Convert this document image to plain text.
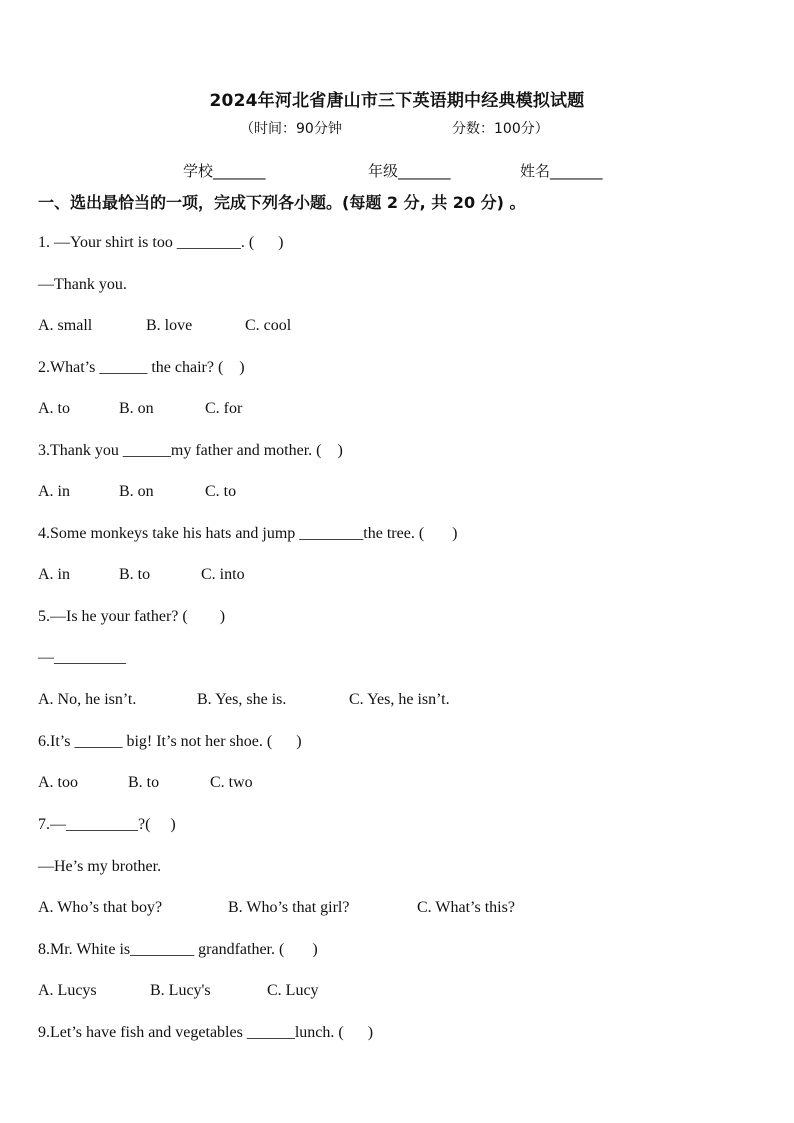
2024年河北省唐山市三下英语期中经典模拟试题
（时间：90分钟	分数：100分）
学校_______	年级_______	姓名_______
一、选出最恰当的一项，完成下列各小题。(每题 2 分, 共 20 分) 。
1. —Your shirt is too ________. (      )
—Thank you.
A. small	B. love	C. cool
2.What’s ______ the chair? (    )
A. to	B. on	C. for
3.Thank you ______my father and mother. (    )
A. in	B. on	C. to
4.Some monkeys take his hats and jump ________the tree. (       )
A. in	B. to	C. into
5.—Is he your father? (        )
—_________
A. No, he isn’t.	B. Yes, she is.	C. Yes, he isn’t.
6.It’s ______ big! It’s not her shoe. (      )
A. too	B. to	C. two
7.—_________?(     )
—He’s my brother.
A. Who’s that boy?	B. Who’s that girl?	C. What’s this?
8.Mr. White is________ grandfather. (       )
A. Lucys	B. Lucy's	C. Lucy
9.Let’s have fish and vegetables ______lunch. (      )
